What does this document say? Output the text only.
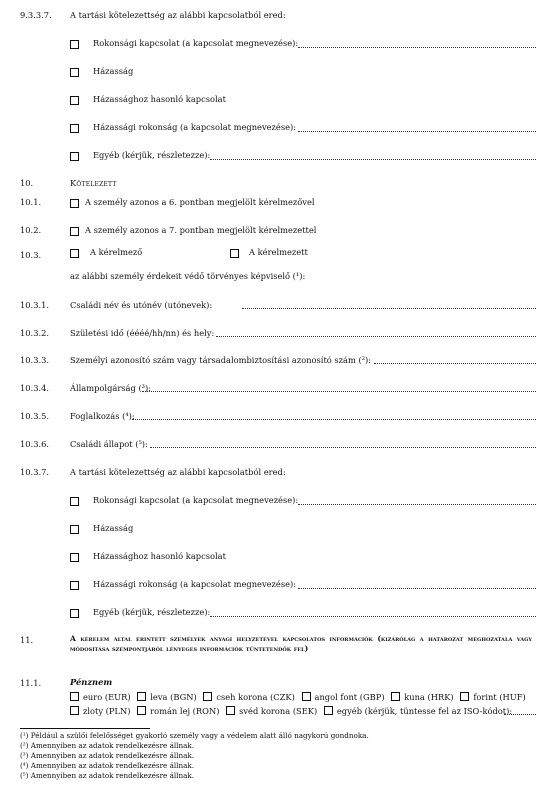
9.3.3.7. A tartási kötelezettség az alábbi kapcsolatból ered:
Rokonsági kapcsolat (a kapcsolat megnevezése):
Házasság
Házassághoz hasonló kapcsolat
Házassági rokonság (a kapcsolat megnevezése):
Egyéb (kérjük, részletezze):
10.	Kötelezett
10.1.	A személy azonos a 6. pontban megjelölt kérelmezővel
10.2.	A személy azonos a 7. pontban megjelölt kérelmezettel
10.3.	A kérelmező	A kérelmezett
az alábbi személy érdekeit védő törvényes képviselő (¹):
10.3.1.	Családi név és utónév (utónevek):
10.3.2.	Születési idő (éééé/hh/nn) és hely:
10.3.3.	Személyi azonosító szám vagy társadalombiztosítási azonosító szám (²):
10.3.4.	Állampolgárság (³):
10.3.5.	Foglalkozás (⁴):
10.3.6.	Családi állapot (⁵):
10.3.7.	A tartási kötelezettség az alábbi kapcsolatból ered:
Rokonsági kapcsolat (a kapcsolat megnevezése):
Házasság
Házassághoz hasonló kapcsolat
Házassági rokonság (a kapcsolat megnevezése):
Egyéb (kérjük, részletezze):
11.	A kérelem által érintett személyek anyagi helyzetével kapcsolatos információk (kizárólag a határozat meghozatala vagy módosítása szempontjából lényeges információk tüntetendők fel)
11.1.	Pénznem
euro (EUR) leva (BGN) cseh korona (CZK) angol font (GBP) kuna (HRK) forint (HUF)
zloty (PLN) román lej (RON) svéd korona (SEK) egyéb (kérjük, tüntesse fel az ISO-kódot):
(¹) Például a szülői felelősséget gyakorló személy vagy a védelem alatt álló nagykorú gondnoka.
(²) Amennyiben az adatok rendelkezésre állnak.
(³) Amennyiben az adatok rendelkezésre állnak.
(⁴) Amennyiben az adatok rendelkezésre állnak.
(⁵) Amennyiben az adatok rendelkezésre állnak.
